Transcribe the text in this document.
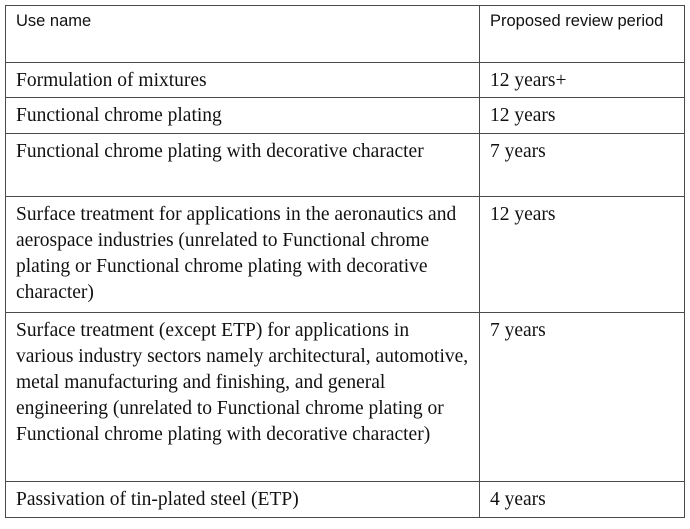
Use name	Proposed review period

Formulation of mixtures	12 years+

Functional chrome plating	12 years

Functional chrome plating with decorative character	7 years

Surface treatment for applications in the aeronautics and aerospace industries (unrelated to Functional chrome plating or Functional chrome plating with decorative character)	12 years

Surface treatment (except ETP) for applications in various industry sectors namely architectural, automotive, metal manufacturing and finishing, and general engineering (unrelated to Functional chrome plating or Functional chrome plating with decorative character)	7 years

Passivation of tin-plated steel (ETP)	4 years
